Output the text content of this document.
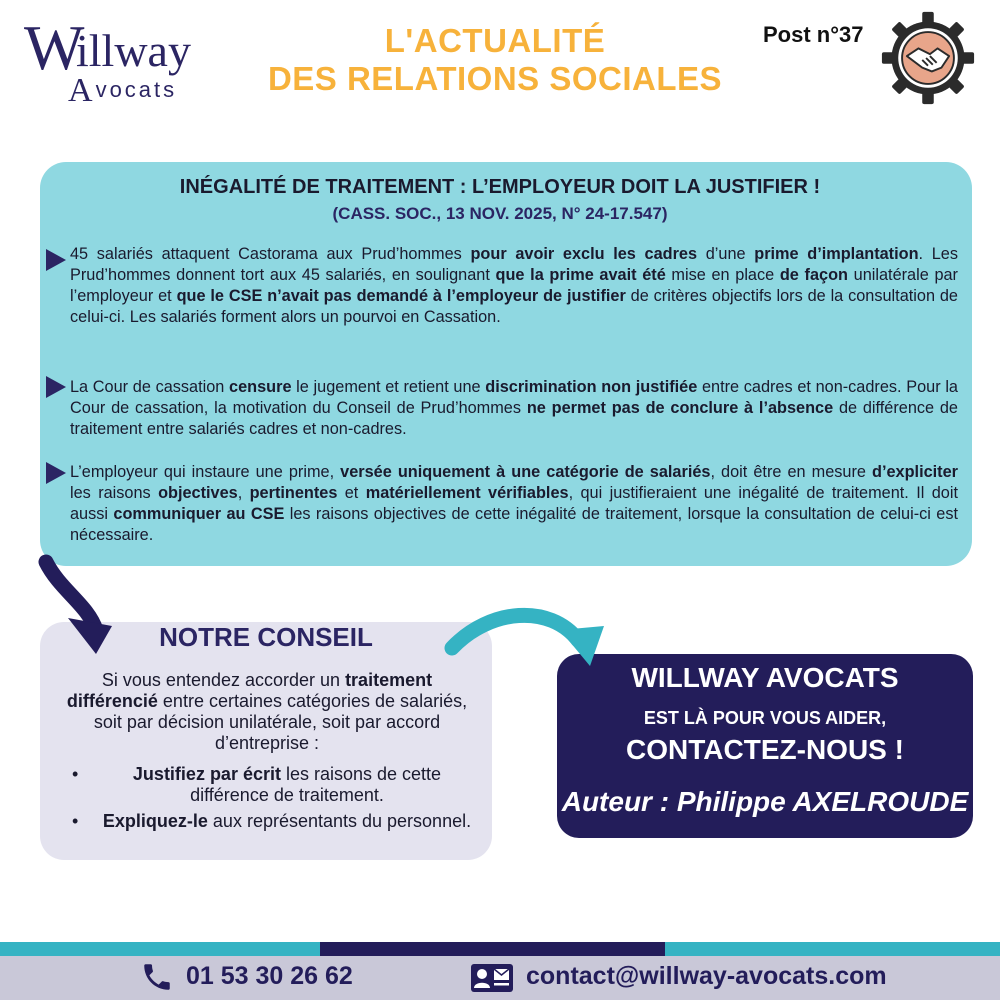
W
illway
Avocats
L'ACTUALITÉ
DES RELATIONS SOCIALES
Post n°37
INÉGALITÉ DE TRAITEMENT : L’EMPLOYEUR DOIT LA JUSTIFIER !
(CASS. SOC., 13 NOV. 2025, N° 24-17.547)
45 salariés attaquent Castorama aux Prud’hommes pour avoir exclu les cadres d’une prime d’implantation. Les Prud’hommes donnent tort aux 45 salariés, en soulignant que la prime avait été mise en place de façon unilatérale par l’employeur et que le CSE n’avait pas demandé à l’employeur de justifier de critères objectifs lors de la consultation de celui-ci. Les salariés forment alors un pourvoi en Cassation.
La Cour de cassation censure le jugement et retient une discrimination non justifiée entre cadres et non-cadres. Pour la Cour de cassation, la motivation du Conseil de Prud’hommes ne permet pas de conclure à l’absence de différence de traitement entre salariés cadres et non-cadres.
L’employeur qui instaure une prime, versée uniquement à une catégorie de salariés, doit être en mesure d’expliciter les raisons objectives, pertinentes et matériellement vérifiables, qui justifieraient une inégalité de traitement. Il doit aussi communiquer au CSE les raisons objectives de cette inégalité de traitement, lorsque la consultation de celui-ci est nécessaire.
NOTRE CONSEIL
Si vous entendez accorder un traitement différencié entre certaines catégories de salariés, soit par décision unilatérale, soit par accord d’entreprise :
•	Justifiez par écrit les raisons de cette différence de traitement.
• Expliquez-le aux représentants du personnel.
WILLWAY AVOCATS
EST LÀ POUR VOUS AIDER,
CONTACTEZ-NOUS !
Auteur : Philippe AXELROUDE
01 53 30 26 62	contact@willway-avocats.com
